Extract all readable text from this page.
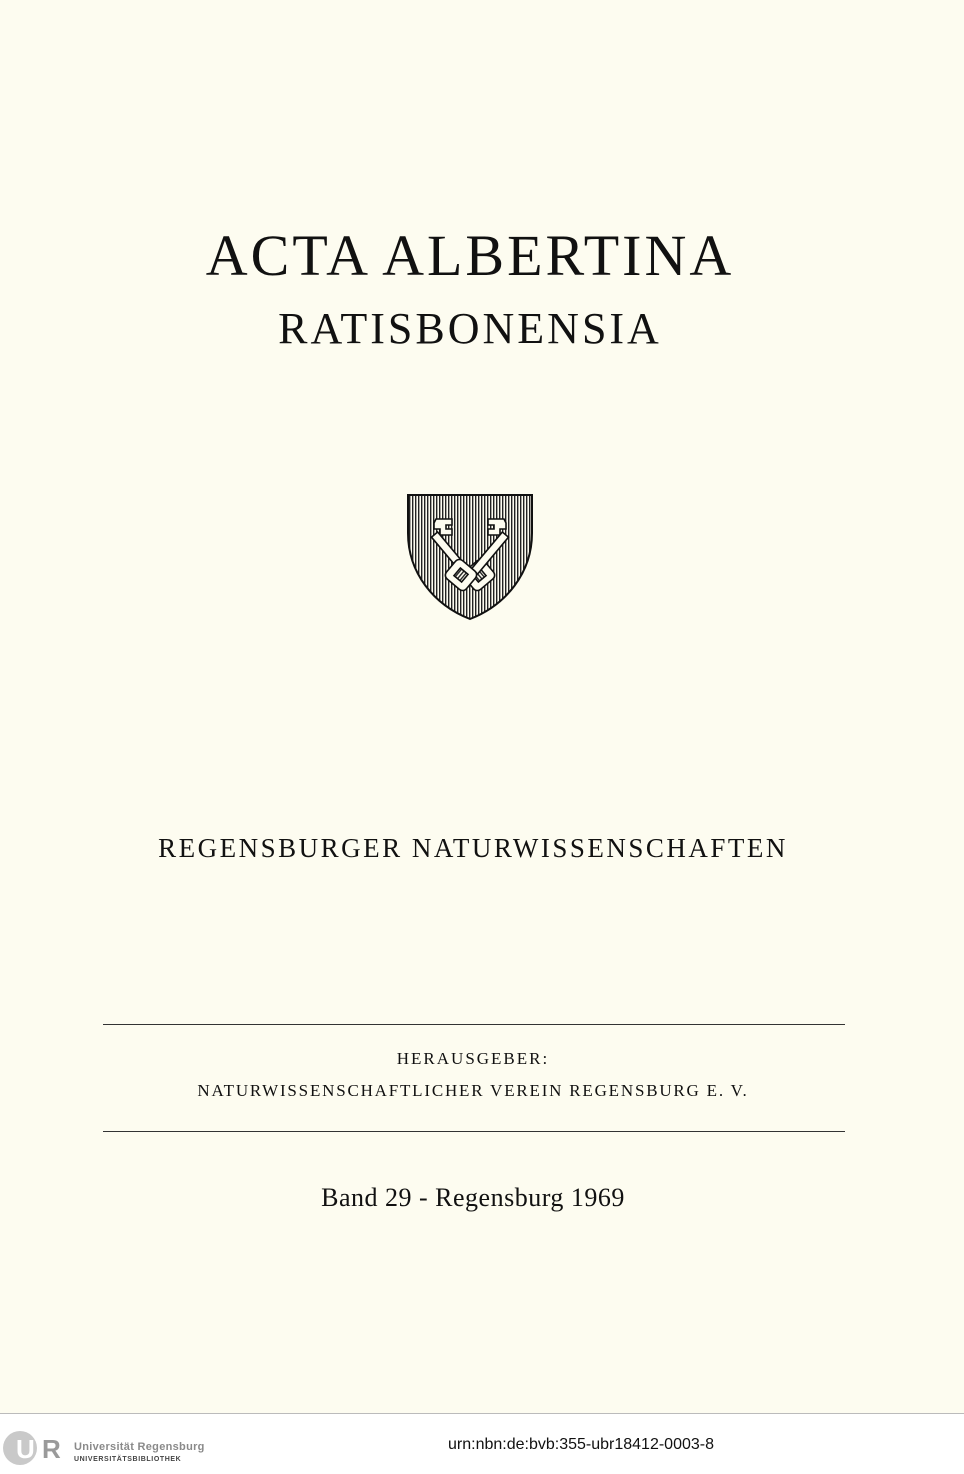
ACTA ALBERTINA
RATISBONENSIA
REGENSBURGER NATURWISSENSCHAFTEN
HERAUSGEBER:
NATURWISSENSCHAFTLICHER VEREIN REGENSBURG E. V.
Band 29 - Regensburg 1969
U R Universität Regensburg
UNIVERSITÄTSBIBLIOTHEK
urn:nbn:de:bvb:355-ubr18412-0003-8
